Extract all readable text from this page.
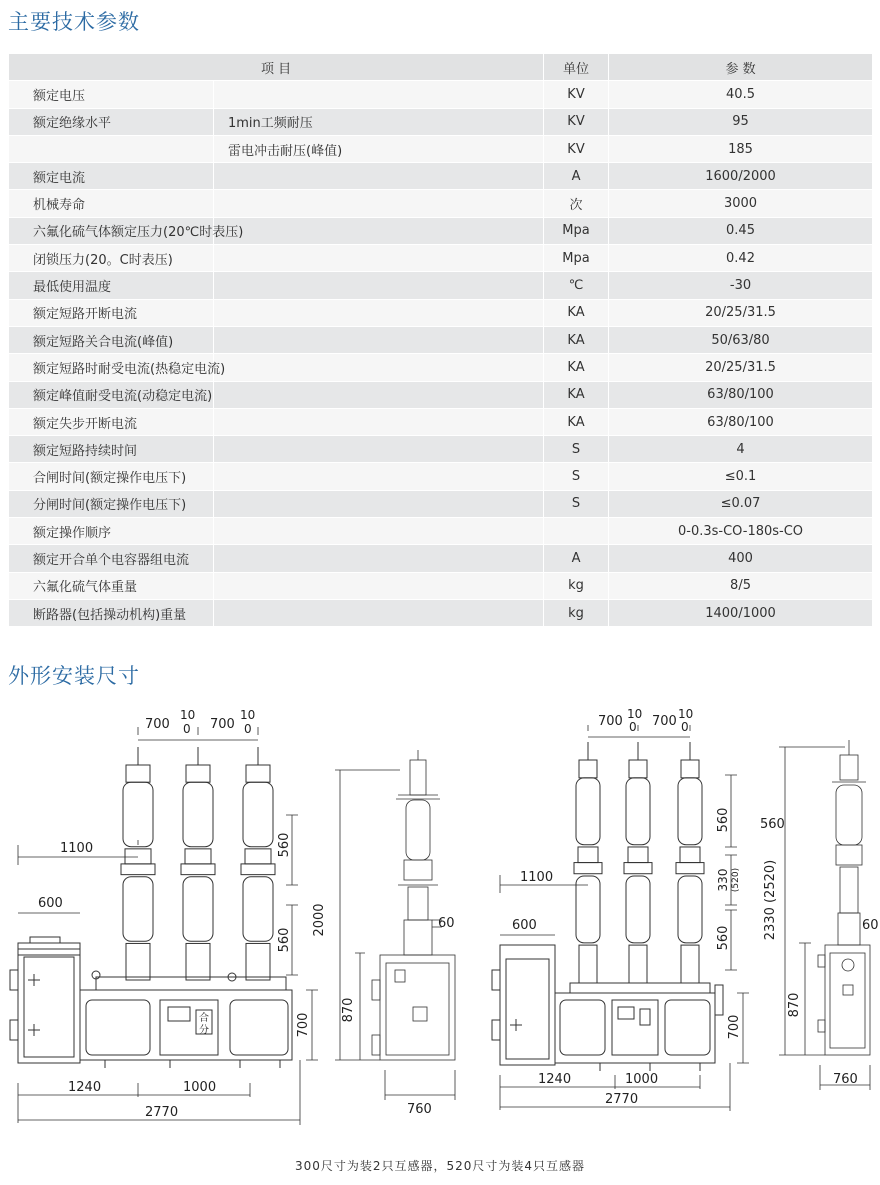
主要技术参数
项 目		单位	参 数
额定电压		KV	40.5
额定绝缘水平	1min工频耐压	KV	95
	雷电冲击耐压(峰值)	KV	185
额定电流		A	1600/2000
机械寿命		次	3000
六氟化硫气体额定压力(20℃时表压)		Mpa	0.45
闭锁压力(20。C时表压)		Mpa	0.42
最低使用温度		℃	-30
额定短路开断电流		KA	20/25/31.5
额定短路关合电流(峰值)		KA	50/63/80
额定短路时耐受电流(热稳定电流)		KA	20/25/31.5
额定峰值耐受电流(动稳定电流)		KA	63/80/100
额定失步开断电流		KA	63/80/100
额定短路持续时间		S	4
合闸时间(额定操作电压下)		S	≤0.1
分闸时间(额定操作电压下)		S	≤0.07
额定操作顺序			0-0.3s-CO-180s-CO
额定开合单个电容器组电流		A	400
六氟化硫气体重量		kg	8/5
断路器(包括操动机构)重量		kg	1400/1000
外形安装尺寸
700
10
0 700
10
0
1100
600
560
560
700
1240	1000
2770
合
分
2000	60
870
760
700 10
0 700 10
0
1100
600
560 560
330 (520)
560
700
1240	1000
2770
2330 (2520)	60
870
760
300尺寸为装2只互感器，520尺寸为装4只互感器
